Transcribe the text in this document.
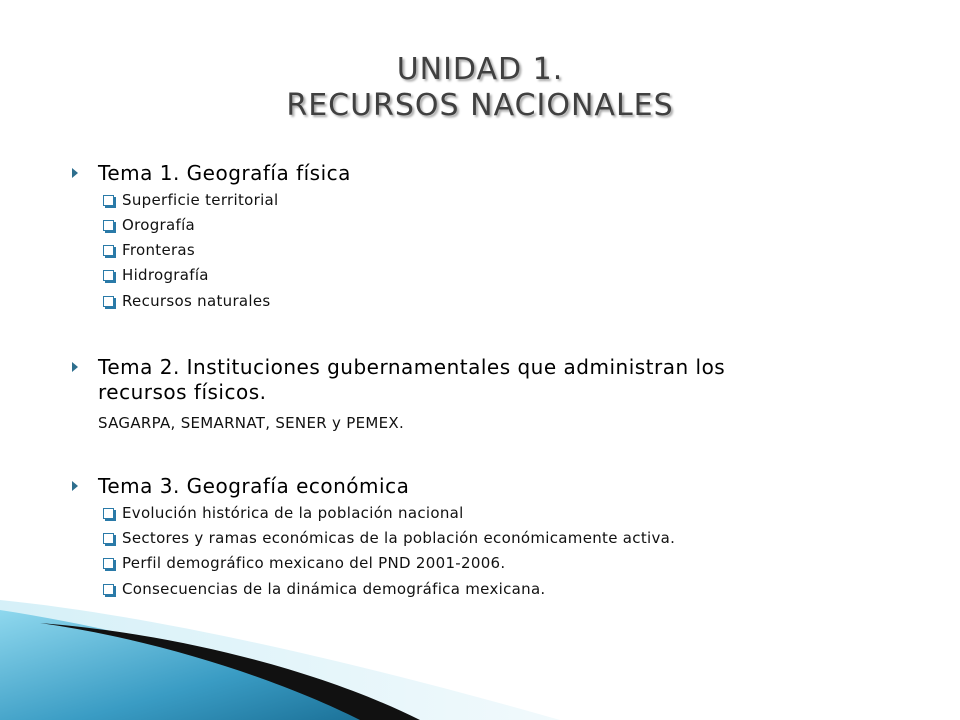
UNIDAD 1.
RECURSOS NACIONALES
Tema 1. Geografía física
Superficie territorial
Orografía
Fronteras
Hidrografía
Recursos naturales
Tema 2. Instituciones gubernamentales que administran los
recursos físicos.
SAGARPA, SEMARNAT, SENER y PEMEX.
Tema 3. Geografía económica
Evolución histórica de la población nacional
Sectores y ramas económicas de la población económicamente activa.
Perfil demográfico mexicano del PND 2001-2006.
Consecuencias de la dinámica demográfica mexicana.
